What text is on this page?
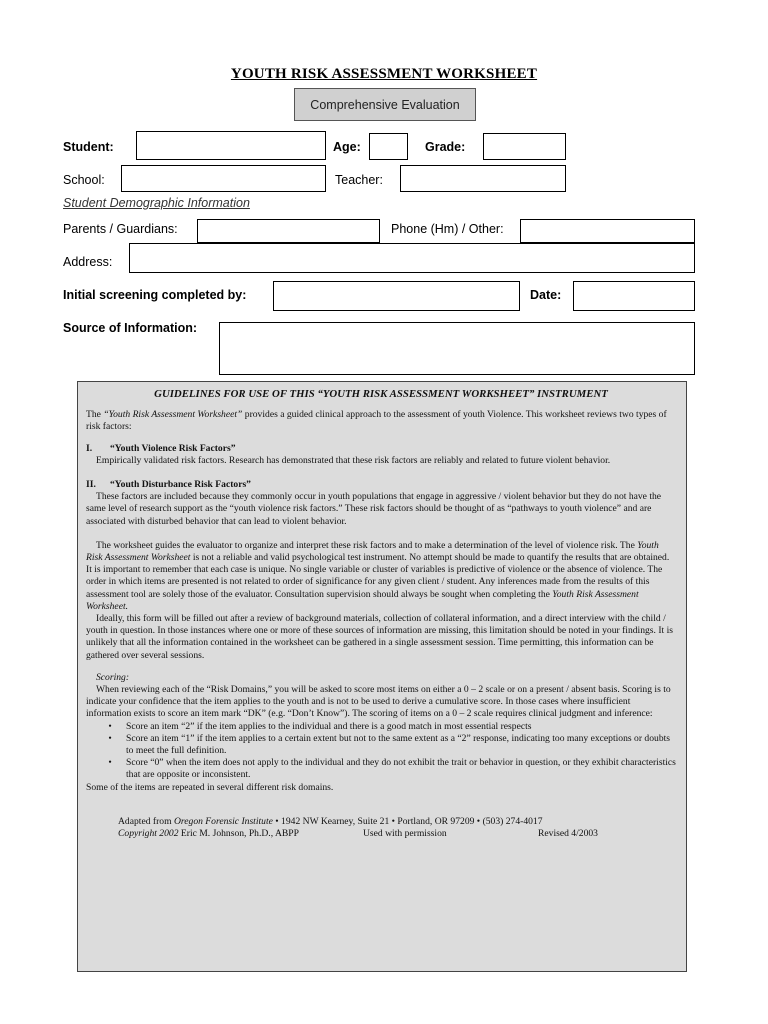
YOUTH RISK ASSESSMENT WORKSHEET
Comprehensive Evaluation
Student:	Age:	Grade:
School:	Teacher:
Student Demographic Information
Parents / Guardians:	Phone (Hm) / Other:
Address:
Initial screening completed by:	Date:
Source of Information:
GUIDELINES FOR USE OF THIS “YOUTH RISK ASSESSMENT WORKSHEET” INSTRUMENT

The “Youth Risk Assessment Worksheet” provides a guided clinical approach to the assessment of youth Violence. This worksheet reviews two types of risk factors:

I.	“Youth Violence Risk Factors”

Empirically validated risk factors. Research has demonstrated that these risk factors are reliably and related to future violent behavior.

II.	“Youth Disturbance Risk Factors”

These factors are included because they commonly occur in youth populations that engage in aggressive / violent behavior but they do not have the same level of research support as the “youth violence risk factors.” These risk factors should be thought of as “pathways to youth violence” and are associated with disturbed behavior that can lead to violent behavior.

The worksheet guides the evaluator to organize and interpret these risk factors and to make a determination of the level of violence risk. The Youth Risk Assessment Worksheet is not a reliable and valid psychological test instrument. No attempt should be made to quantify the results that are obtained. It is important to remember that each case is unique. No single variable or cluster of variables is predictive of violence or the absence of violence. The order in which items are presented is not related to order of significance for any given client / student. Any inferences made from the results of this assessment tool are solely those of the evaluator. Consultation supervision should always be sought when completing the Youth Risk Assessment Worksheet.

Ideally, this form will be filled out after a review of background materials, collection of collateral information, and a direct interview with the child / youth in question. In those instances where one or more of these sources of information are missing, this limitation should be noted in your findings. It is unlikely that all the information contained in the worksheet can be gathered in a single assessment session. Time permitting, this information can be gathered over several sessions.

Scoring:

When reviewing each of the “Risk Domains,” you will be asked to score most items on either a 0 – 2 scale or on a present / absent basis. Scoring is to indicate your confidence that the item applies to the youth and is not to be used to derive a cumulative score. In those cases where insufficient information exists to score an item mark “DK” (e.g. “Don’t Know”). The scoring of items on a 0 – 2 scale requires clinical judgment and inference:

•	Score an item “2” if the item applies to the individual and there is a good match in most essential respects
•	Score an item “1” if the item applies to a certain extent but not to the same extent as a “2” response, indicating too many exceptions or doubts to meet the full definition.
•	Score “0” when the item does not apply to the individual and they do not exhibit the trait or behavior in question, or they exhibit characteristics that are opposite or inconsistent.

Some of the items are repeated in several different risk domains.

Adapted from Oregon Forensic Institute • 1942 NW Kearney, Suite 21 • Portland, OR 97209 • (503) 274-4017

Copyright 2002 Eric M. Johnson, Ph.D., ABPP	Used with permission	Revised 4/2003
